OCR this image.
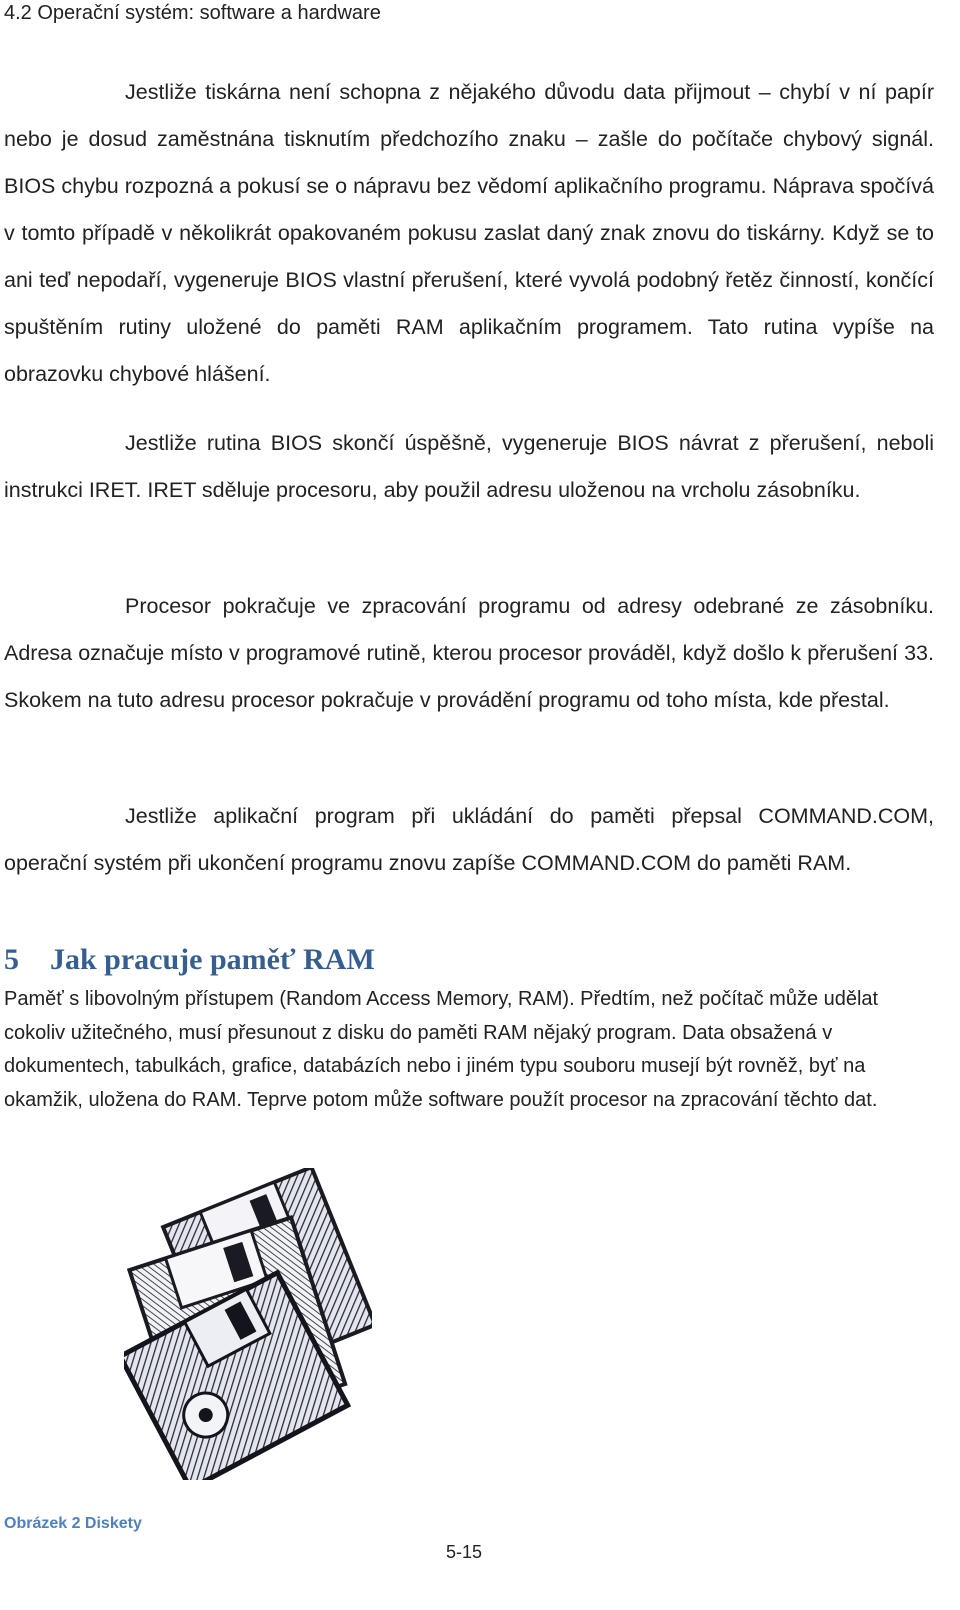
4.2 Operační systém: software a hardware

Jestliže tiskárna není schopna z nějakého důvodu data přijmout – chybí v ní papír nebo je dosud zaměstnána tisknutím předchozího znaku – zašle do počítače chybový signál. BIOS chybu rozpozná a pokusí se o nápravu bez vědomí aplikačního programu. Náprava spočívá v tomto případě v několikrát opakovaném pokusu zaslat daný znak znovu do tiskárny. Když se to ani teď nepodaří, vygeneruje BIOS vlastní přerušení, které vyvolá podobný řetěz činností, končící spuštěním rutiny uložené do paměti RAM aplikačním programem. Tato rutina vypíše na obrazovku chybové hlášení.

Jestliže rutina BIOS skončí úspěšně, vygeneruje BIOS návrat z přerušení, neboli instrukci IRET. IRET sděluje procesoru, aby použil adresu uloženou na vrcholu zásobníku.

Procesor pokračuje ve zpracování programu od adresy odebrané ze zásobníku. Adresa označuje místo v programové rutině, kterou procesor prováděl, když došlo k přerušení 33. Skokem na tuto adresu procesor pokračuje v provádění programu od toho místa, kde přestal.

Jestliže aplikační program při ukládání do paměti přepsal COMMAND.COM, operační systém při ukončení programu znovu zapíše COMMAND.COM do paměti RAM.

5 Jak pracuje paměť RAM

Paměť s libovolným přístupem (Random Access Memory, RAM). Předtím, než počítač může udělat cokoliv užitečného, musí přesunout z disku do paměti RAM nějaký program. Data obsažená v dokumentech, tabulkách, grafice, databázích nebo i jiném typu souboru musejí být rovněž, byť na okamžik, uložena do RAM. Teprve potom může software použít procesor na zpracování těchto dat.

Obrázek 2 Diskety
5-15
